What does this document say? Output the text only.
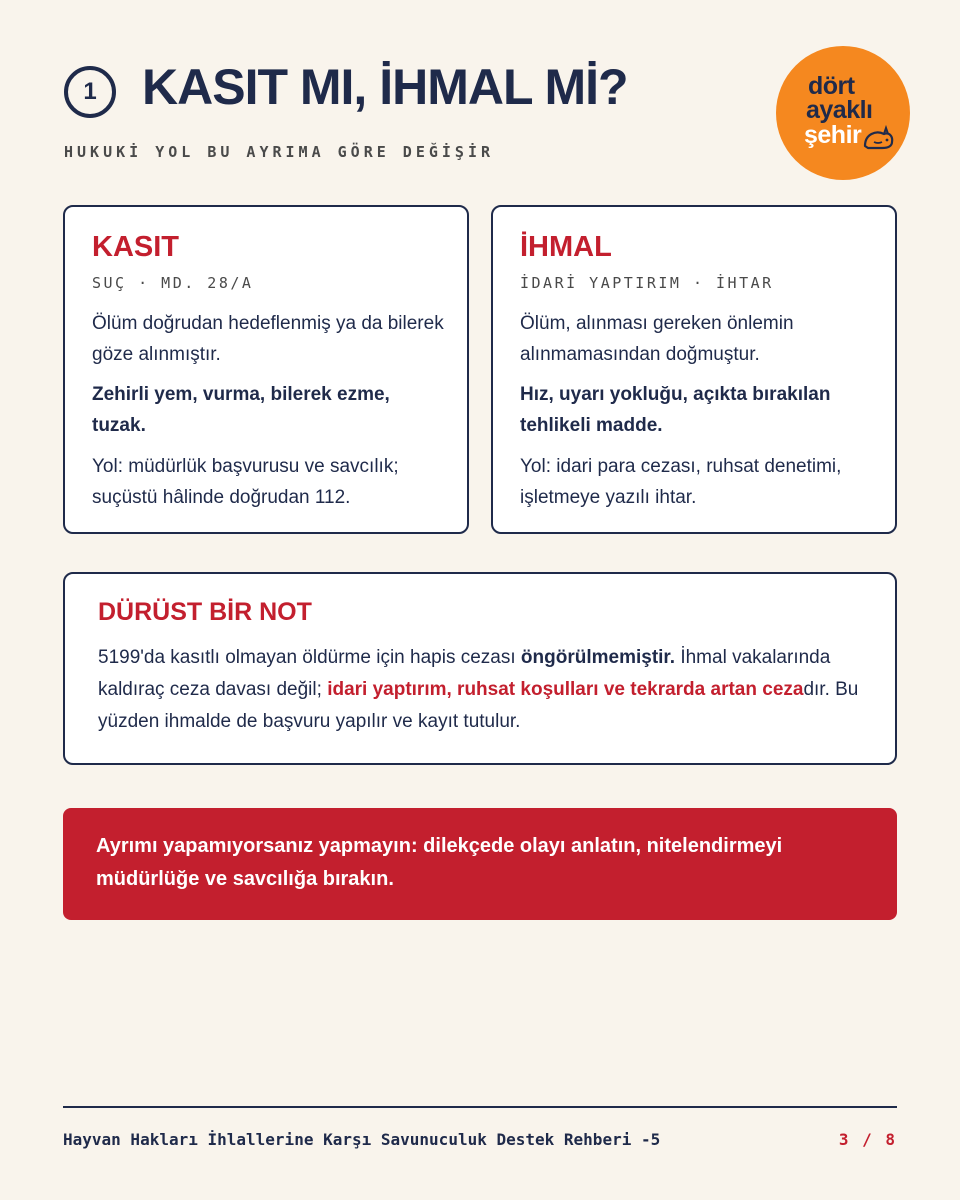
1 KASIT MI, İHMAL Mİ?
HUKUKİ YOL BU AYRIMA GÖRE DEĞİŞİR
dört
ayaklı
şehir
KASIT
SUÇ · MD. 28/A
Ölüm doğrudan hedeflenmiş ya da bilerek göze alınmıştır.
Zehirli yem, vurma, bilerek ezme, tuzak.
Yol: müdürlük başvurusu ve savcılık; suçüstü hâlinde doğrudan 112.
İHMAL
İDARİ YAPTIRIM · İHTAR
Ölüm, alınması gereken önlemin alınmamasından doğmuştur.
Hız, uyarı yokluğu, açıkta bırakılan tehlikeli madde.
Yol: idari para cezası, ruhsat denetimi, işletmeye yazılı ihtar.
DÜRÜST BİR NOT
5199'da kasıtlı olmayan öldürme için hapis cezası öngörülmemiştir. İhmal vakalarında kaldıraç ceza davası değil; idari yaptırım, ruhsat koşulları ve tekrarda artan cezadır. Bu yüzden ihmalde de başvuru yapılır ve kayıt tutulur.
Ayrımı yapamıyorsanız yapmayın: dilekçede olayı anlatın, nitelendirmeyi müdürlüğe ve savcılığa bırakın.
Hayvan Hakları İhlallerine Karşı Savunuculuk Destek Rehberi -5	3 / 8
